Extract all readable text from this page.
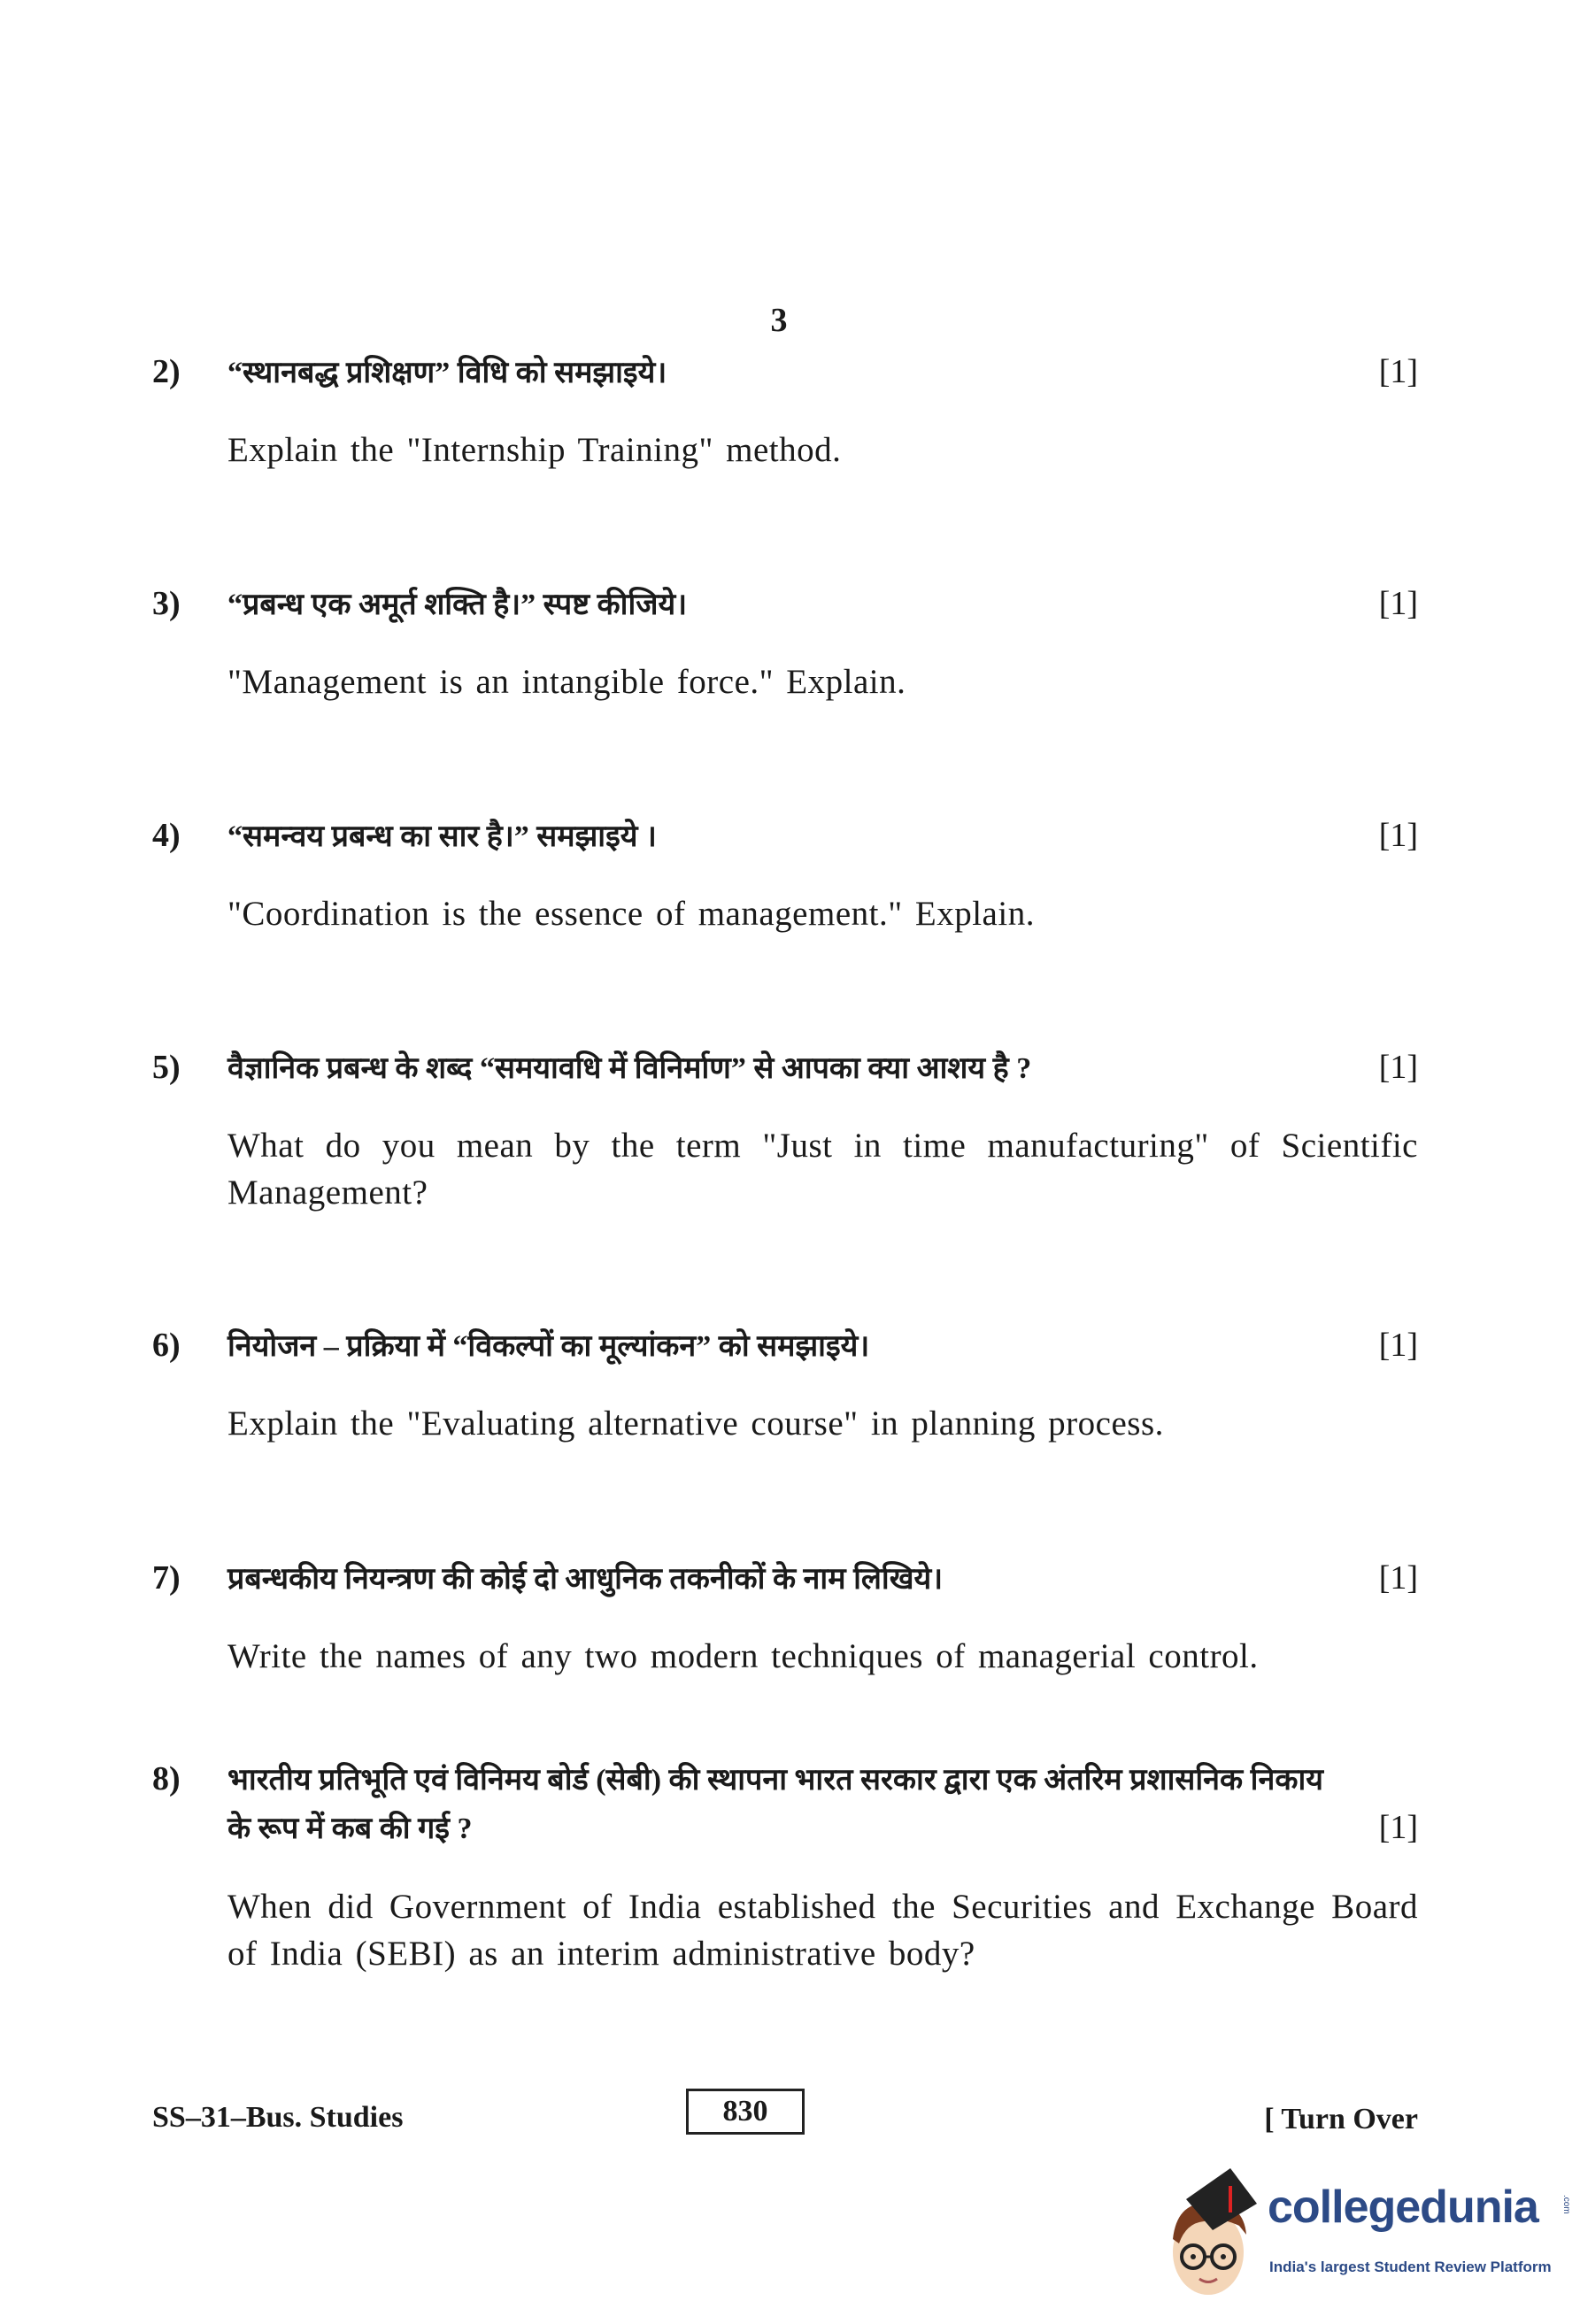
3
2) “स्थानबद्ध प्रशिक्षण” विधि को समझाइये।	[1]
Explain the "Internship Training" method.
3) “प्रबन्ध एक अमूर्त शक्ति है।” स्पष्ट कीजिये।	[1]
"Management is an intangible force." Explain.
4) “समन्वय प्रबन्ध का सार है।” समझाइये ।	[1]
"Coordination is the essence of management." Explain.
5) वैज्ञानिक प्रबन्ध के शब्द “समयावधि में विनिर्माण” से आपका क्या आशय है ?	[1]
What do you mean by the term "Just in time manufacturing" of Scientific Management?
6) नियोजन – प्रक्रिया में “विकल्पों का मूल्यांकन” को समझाइये।	[1]
Explain the "Evaluating alternative course" in planning process.
7) प्रबन्धकीय नियन्त्रण की कोई दो आधुनिक तकनीकों के नाम लिखिये।	[1]
Write the names of any two modern techniques of managerial control.
8) भारतीय प्रतिभूति एवं विनिमय बोर्ड (सेबी) की स्थापना भारत सरकार द्वारा एक अंतरिम प्रशासनिक निकाय के रूप में कब की गई ?	[1]
When did Government of India established the Securities and Exchange Board of India (SEBI) as an interim administrative body?
SS–31–Bus. Studies	830	[ Turn Over
collegedunia	.com
India's largest Student Review Platform
